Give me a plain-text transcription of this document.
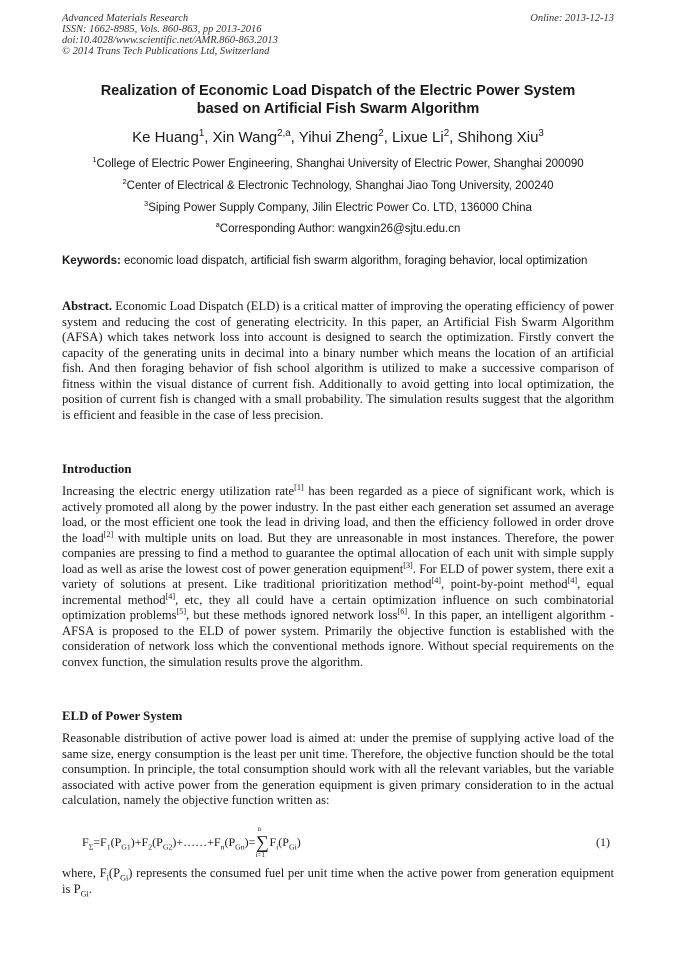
Advanced Materials Research
ISSN: 1662-8985, Vols. 860-863, pp 2013-2016
doi:10.4028/www.scientific.net/AMR.860-863.2013
© 2014 Trans Tech Publications Ltd, Switzerland
Online: 2013-12-13
Realization of Economic Load Dispatch of the Electric Power System
based on Artificial Fish Swarm Algorithm
Ke Huang$^1$, Xin Wang$^{2,a}$, Yihui Zheng$^2$, Lixue Li$^2$, Shihong Xiu$^3$
$^1$College of Electric Power Engineering, Shanghai University of Electric Power, Shanghai 200090
$^2$Center of Electrical & Electronic Technology, Shanghai Jiao Tong University, 200240
$^3$Siping Power Supply Company, Jilin Electric Power Co. LTD, 136000 China
$^a$Corresponding Author: wangxin26@sjtu.edu.cn
Keywords: economic load dispatch, artificial fish swarm algorithm, foraging behavior, local optimization
Abstract. Economic Load Dispatch (ELD) is a critical matter of improving the operating efficiency of power system and reducing the cost of generating electricity. In this paper, an Artificial Fish Swarm Algorithm (AFSA) which takes network loss into account is designed to search the optimization. Firstly convert the capacity of the generating units in decimal into a binary number which means the location of an artificial fish. And then foraging behavior of fish school algorithm is utilized to make a successive comparison of fitness within the visual distance of current fish. Additionally to avoid getting into local optimization, the position of current fish is changed with a small probability. The simulation results suggest that the algorithm is efficient and feasible in the case of less precision.
Introduction
Increasing the electric energy utilization rate[1] has been regarded as a piece of significant work, which is actively promoted all along by the power industry. In the past either each generation set assumed an average load, or the most efficient one took the lead in driving load, and then the efficiency followed in order drove the load[2] with multiple units on load. But they are unreasonable in most instances. Therefore, the power companies are pressing to find a method to guarantee the optimal allocation of each unit with simple supply load as well as arise the lowest cost of power generation equipment[3]. For ELD of power system, there exit a variety of solutions at present. Like traditional prioritization method[4], point-by-point method[4], equal incremental method[4], etc, they all could have a certain optimization influence on such combinatorial optimization problems[5], but these methods ignored network loss[6]. In this paper, an intelligent algorithm - AFSA is proposed to the ELD of power system. Primarily the objective function is established with the consideration of network loss which the conventional methods ignore. Without special requirements on the convex function, the simulation results prove the algorithm.
ELD of Power System
Reasonable distribution of active power load is aimed at: under the premise of supplying active load of the same size, energy consumption is the least per unit time. Therefore, the objective function should be the total consumption. In principle, the total consumption should work with all the relevant variables, but the variable associated with active power from the generation equipment is given primary consideration to in the actual calculation, namely the objective function written as:
$F_\Sigma=F_1(P_{G1})+F_2(P_{G2})+\dots\dots+F_n(P_{Gn})=$
n
∑
i=1
$F_i(P_{Gi})$	(1)
where, $F_i(P_{Gi})$ represents the consumed fuel per unit time when the active power from generation equipment is $P_{Gi}$.
